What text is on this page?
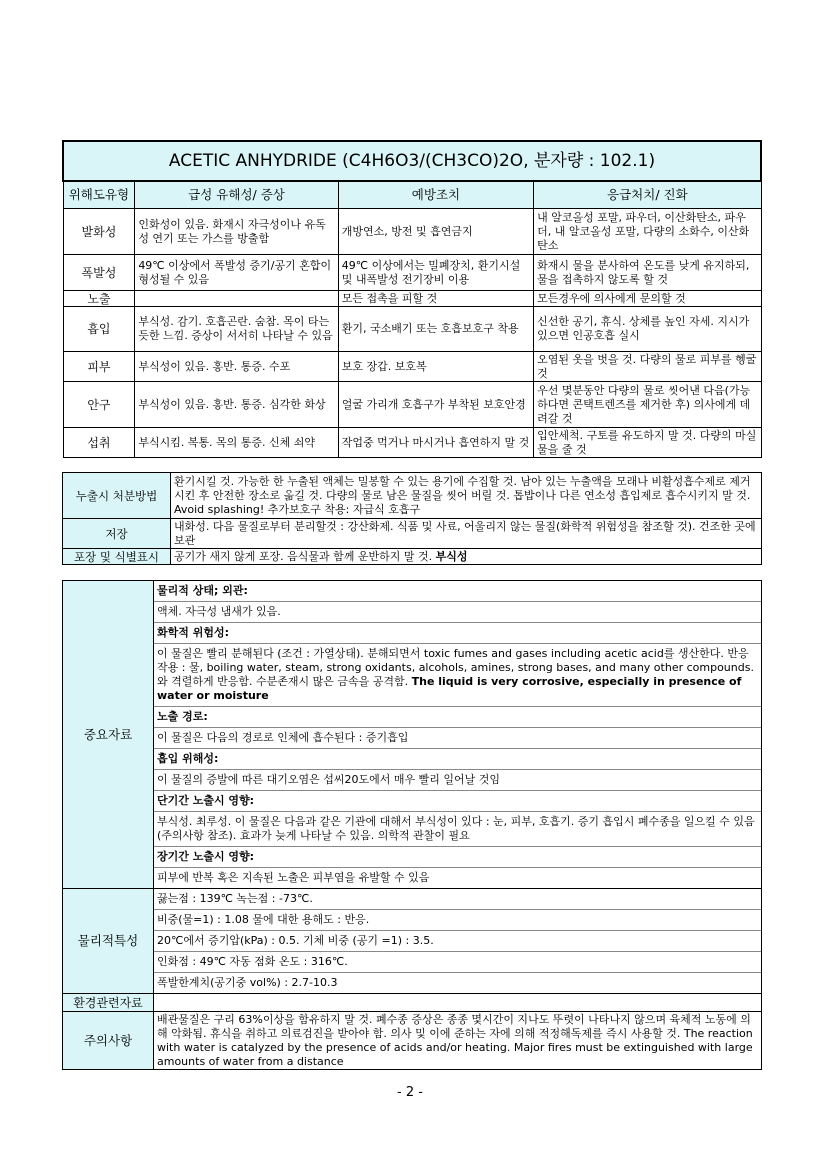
ACETIC ANHYDRIDE (C4H6O3/(CH3CO)2O, 분자량 : 102.1)			
위해도유형	급성 유해성/ 증상	예방조치	응급처치/ 진화
발화성	인화성이 있음. 화재시 자극성이나 유독성 연기 또는 가스를 방출함	개방연소, 방전 및 흡연금지	내 알코올성 포말, 파우더, 이산화탄소, 파우더, 내 알코올성 포말, 다량의 소화수, 이산화탄소
폭발성	49℃ 이상에서 폭발성 증기/공기 혼합이 형성될 수 있음	49℃ 이상에서는 밀폐장치, 환기시설 및 내폭발성 전기장비 이용	화재시 물을 분사하여 온도를 낮게 유지하되, 물을 접촉하지 않도록 할 것
노출		모든 접촉을 피할 것	모든경우에 의사에게 문의할 것
흡입	부식성. 감기. 호흡곤란. 숨참. 목이 타는 듯한 느낌. 증상이 서서히 나타날 수 있음	환기, 국소배기 또는 호흡보호구 착용	신선한 공기, 휴식. 상체를 높인 자세. 지시가 있으면 인공호흡 실시
피부	부식성이 있음. 홍반. 통증. 수포	보호 장갑. 보호복	오염된 옷을 벗을 것. 다량의 물로 피부를 헹굴 것
안구	부식성이 있음. 홍반. 통증. 심각한 화상	얼굴 가리개 호흡구가 부착된 보호안경	우선 몇분동안 다량의 물로 씻어낸 다음(가능하다면 콘택트렌즈를 제거한 후) 의사에게 데려갈 것
섭취	부식시킴. 복통. 목의 통증. 신체 쇠약	작업중 먹거나 마시거나 흡연하지 말 것	입안세척. 구토를 유도하지 말 것. 다량의 마실물을 줄 것
누출시 처분방법	환기시킬 것. 가능한 한 누출된 액체는 밀봉할 수 있는 용기에 수집할 것. 남아 있는 누출액을 모래나 비활성흡수제로 제거시킨 후 안전한 장소로 옮길 것. 다량의 물로 남은 물질을 씻어 버릴 것. 톱밥이나 다른 연소성 흡입제로 흡수시키지 말 것. Avoid splashing! 추가보호구 착용: 자급식 호흡구
저장	내화성. 다음 물질로부터 분리할것 : 강산화제. 식품 및 사료, 어울리지 않는 물질(화학적 위험성을 참조할 것). 건조한 곳에 보관
포장 및 식별표시	공기가 새지 않게 포장. 음식물과 함께 운반하지 말 것. 부식성
중요자료	물리적 상태; 외관:
	액체. 자극성 냄새가 있음.
	화학적 위험성:
	이 물질은 빨리 분해된다 (조건 : 가열상태). 분해되면서 toxic fumes and gases including acetic acid를 생산한다. 반응작용 : 물, boiling water, steam, strong oxidants, alcohols, amines, strong bases, and many other compounds.와 격렬하게 반응함. 수분존재시 많은 금속을 공격함. The liquid is very corrosive, especially in presence of water or moisture
	노출 경로:
	이 물질은 다음의 경로로 인체에 흡수된다 : 증기흡입
	흡입 위해성:
	이 물질의 증발에 따른 대기오염은 섭씨20도에서 매우 빨리 일어날 것임
	단기간 노출시 영향:
	부식성. 최루성. 이 물질은 다음과 같은 기관에 대해서 부식성이 있다 : 눈, 피부, 호흡기. 증기 흡입시 폐수종을 일으킬 수 있음(주의사항 참조). 효과가 늦게 나타날 수 있음. 의학적 관찰이 필요
	장기간 노출시 영향:
	피부에 반복 혹은 지속된 노출은 피부염을 유발할 수 있음
물리적특성	끓는점 : 139℃ 녹는점 : -73℃.
	비중(물=1) : 1.08 물에 대한 용해도 : 반응.
	20℃에서 증기압(kPa) : 0.5. 기체 비중 (공기 =1) : 3.5.
	인화점 : 49℃ 자동 점화 온도 : 316℃.
	폭발한계치(공기중 vol%) : 2.7-10.3
환경관련자료	
주의사항	배관물질은 구리 63%이상을 함유하지 말 것. 폐수종 증상은 종종 몇시간이 지나도 뚜렷이 나타나지 않으며 육체적 노동에 의해 악화됨. 휴식을 취하고 의료검진을 받아야 함. 의사 및 이에 준하는 자에 의해 적정해독제를 즉시 사용할 것. The reaction with water is catalyzed by the presence of acids and/or heating. Major fires must be extinguished with large amounts of water from a distance
- 2 -
